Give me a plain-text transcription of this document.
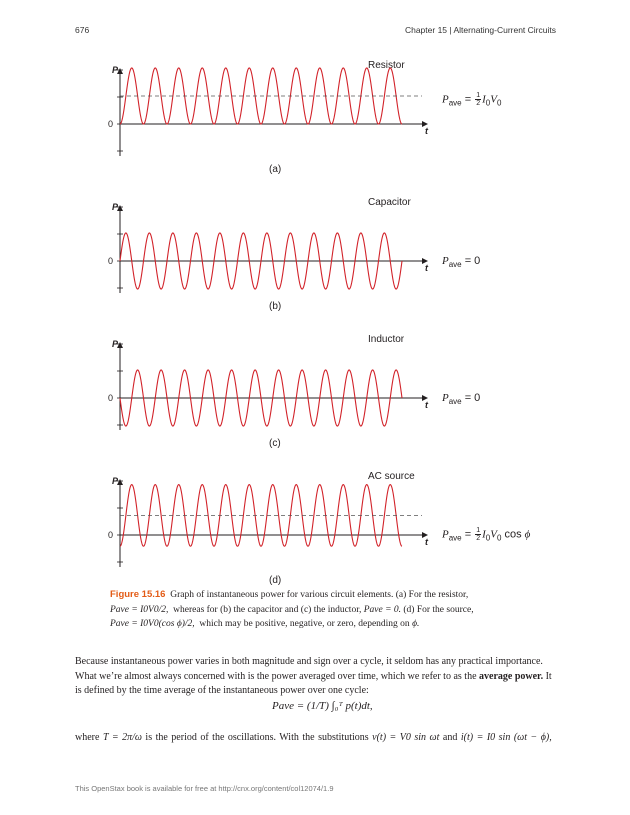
676	Chapter 15 | Alternating-Current Circuits
P
t
0
Resistor
$P_{ave} = \frac{1}{2} I_0V_0$
(a)
P
t
0
Capacitor
$P_{ave} = 0$
(b)
P
t
0
Inductor
$P_{ave} = 0$
(c)
P
t
0
AC source
$P_{ave} = \frac{1}{2} I_0V_0$ cos ϕ
(d)
Figure 15.16 Graph of instantaneous power for various circuit elements. (a) For the resistor,
Pave = I0V0/2, whereas for (b) the capacitor and (c) the inductor, Pave = 0. (d) For the source,
Pave = I0V0(cos ϕ)/2, which may be positive, negative, or zero, depending on ϕ.
Because instantaneous power varies in both magnitude and sign over a cycle, it seldom has any practical importance. What we’re almost always concerned with is the power averaged over time, which we refer to as the average power. It is defined by the time average of the instantaneous power over one cycle:
Pave = (1/T) ∫₀ᵀ p(t)dt,
where T = 2π/ω is the period of the oscillations. With the substitutions v(t) = V0 sin ωt and i(t) = I0 sin (ωt − ϕ),
This OpenStax book is available for free at http://cnx.org/content/col12074/1.9
